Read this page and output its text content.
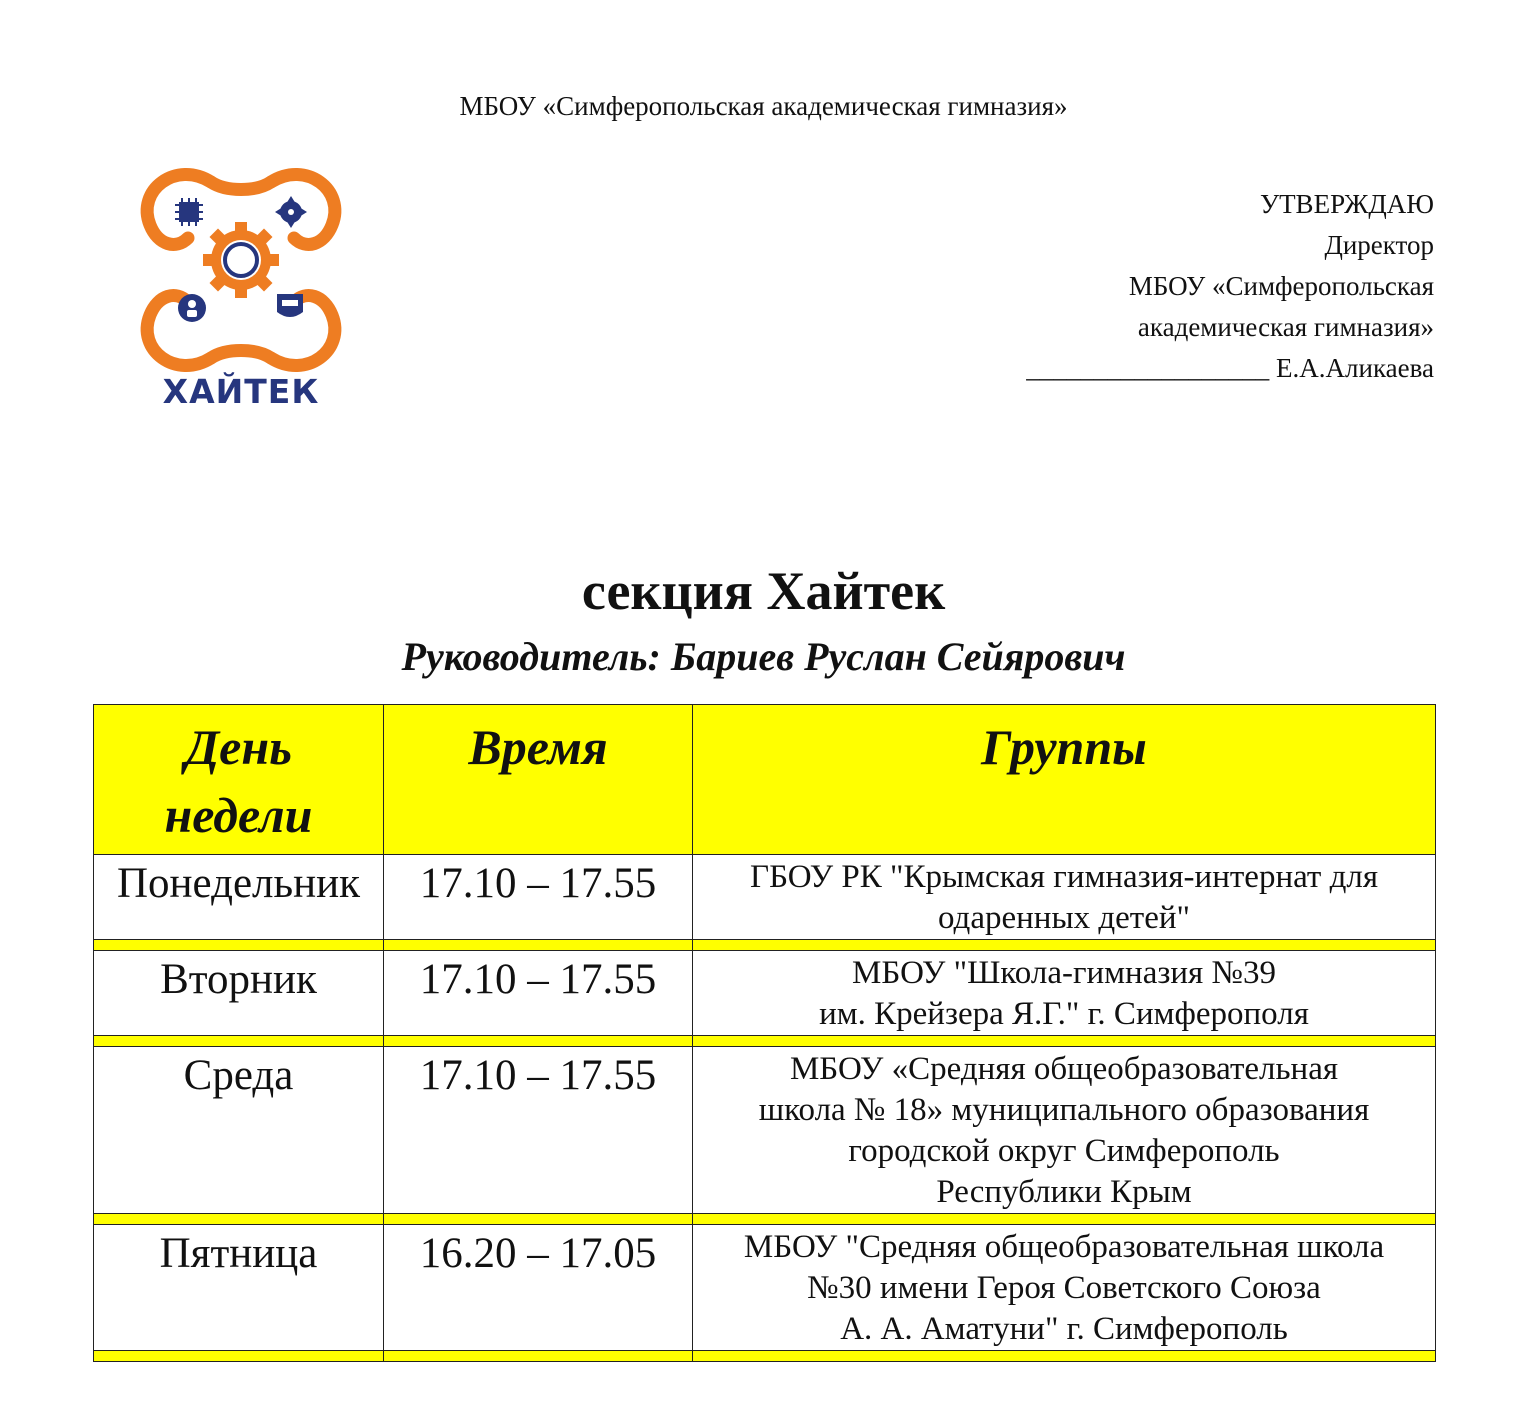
МБОУ «Симферопольская академическая гимназия»
ХАЙТЕК
УТВЕРЖДАЮ
Директор
МБОУ «Симферопольская
академическая гимназия»
__________________ Е.А.Аликаева
секция Хайтек
Руководитель: Бариев Руслан Сейярович
День
недели	Время	Группы

Понедельник	17.10 – 17.55	ГБОУ РК "Крымская гимназия-интернат для
одаренных детей"

Вторник	17.10 – 17.55	МБОУ "Школа-гимназия №39
им. Крейзера Я.Г." г. Симферополя

Среда	17.10 – 17.55	МБОУ «Средняя общеобразовательная
школа № 18» муниципального образования
городской округ Симферополь
Республики Крым

Пятница	16.20 – 17.05	МБОУ "Средняя общеобразовательная школа
№30 имени Героя Советского Союза
А. А. Аматуни" г. Симферополь
